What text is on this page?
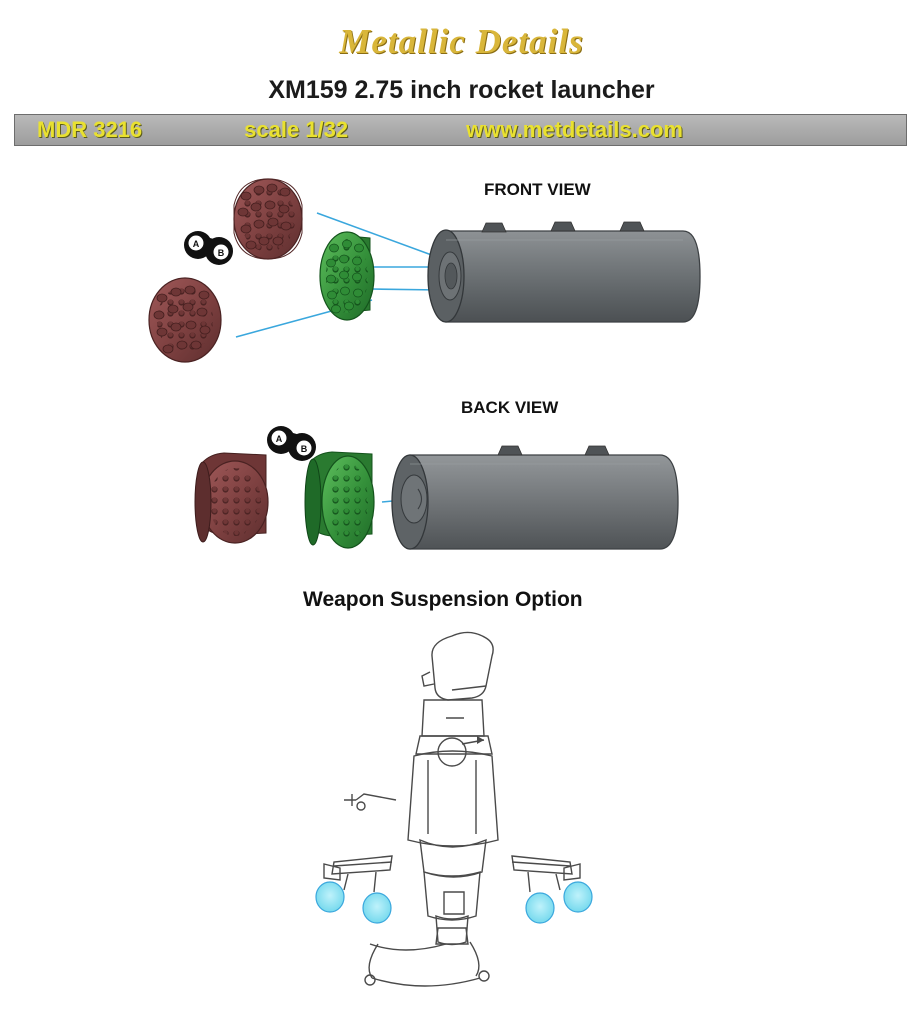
Metallic Details
XM159 2.75 inch rocket launcher
MDR 3216	scale 1/32	www.metdetails.com
FRONT VIEW
BACK VIEW
Weapon Suspension Option
A
B
A
B
